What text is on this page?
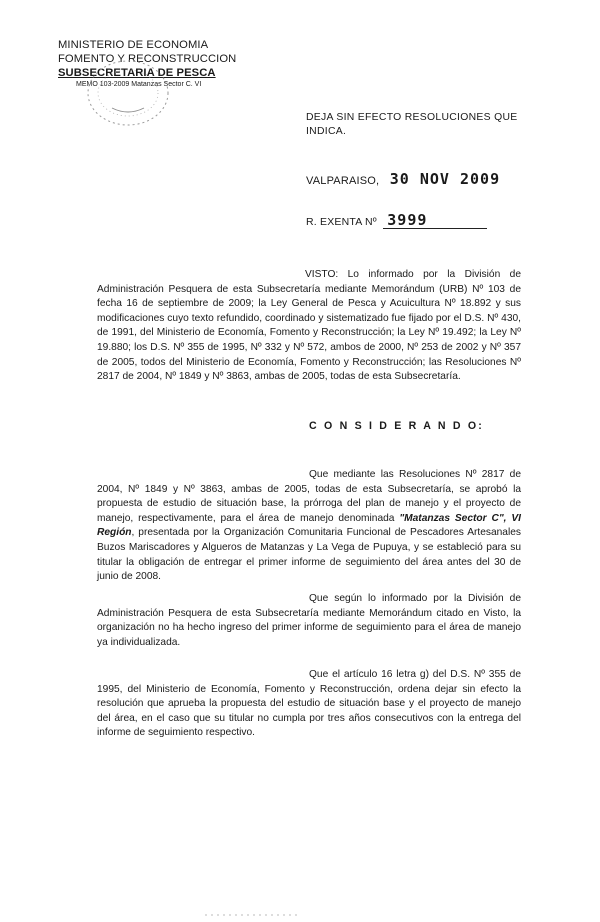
MINISTERIO DE ECONOMIA
FOMENTO Y RECONSTRUCCION
SUBSECRETARIA DE PESCA
MEMO 103-2009 Matanzas Sector C. VI
DEJA SIN EFECTO RESOLUCIONES QUE
INDICA.
VALPARAISO, 30 NOV 2009
R. EXENTA Nº 3999
VISTO: Lo informado por la División de Administración Pesquera de esta Subsecretaría mediante Memorándum (URB) Nº 103 de fecha 16 de septiembre de 2009; la Ley General de Pesca y Acuicultura Nº 18.892 y sus modificaciones cuyo texto refundido, coordinado y sistematizado fue fijado por el D.S. Nº 430, de 1991, del Ministerio de Economía, Fomento y Reconstrucción; la Ley Nº 19.492; la Ley Nº 19.880; los D.S. Nº 355 de 1995, Nº 332 y Nº 572, ambos de 2000, Nº 253 de 2002 y Nº 357 de 2005, todos del Ministerio de Economía, Fomento y Reconstrucción; las Resoluciones Nº 2817 de 2004, Nº 1849 y Nº 3863, ambas de 2005, todas de esta Subsecretaría.
C O N S I D E R A N D O:
Que mediante las Resoluciones Nº 2817 de 2004, Nº 1849 y Nº 3863, ambas de 2005, todas de esta Subsecretaría, se aprobó la propuesta de estudio de situación base, la prórroga del plan de manejo y el proyecto de manejo, respectivamente, para el área de manejo denominada "Matanzas Sector C", VI Región, presentada por la Organización Comunitaria Funcional de Pescadores Artesanales Buzos Mariscadores y Algueros de Matanzas y La Vega de Pupuya, y se estableció para su titular la obligación de entregar el primer informe de seguimiento del área antes del 30 de junio de 2008.
Que según lo informado por la División de Administración Pesquera de esta Subsecretaría mediante Memorándum citado en Visto, la organización no ha hecho ingreso del primer informe de seguimiento para el área de manejo ya individualizada.
Que el artículo 16 letra g) del D.S. Nº 355 de 1995, del Ministerio de Economía, Fomento y Reconstrucción, ordena dejar sin efecto la resolución que aprueba la propuesta del estudio de situación base y el proyecto de manejo del área, en el caso que su titular no cumpla por tres años consecutivos con la entrega del informe de seguimiento respectivo.
